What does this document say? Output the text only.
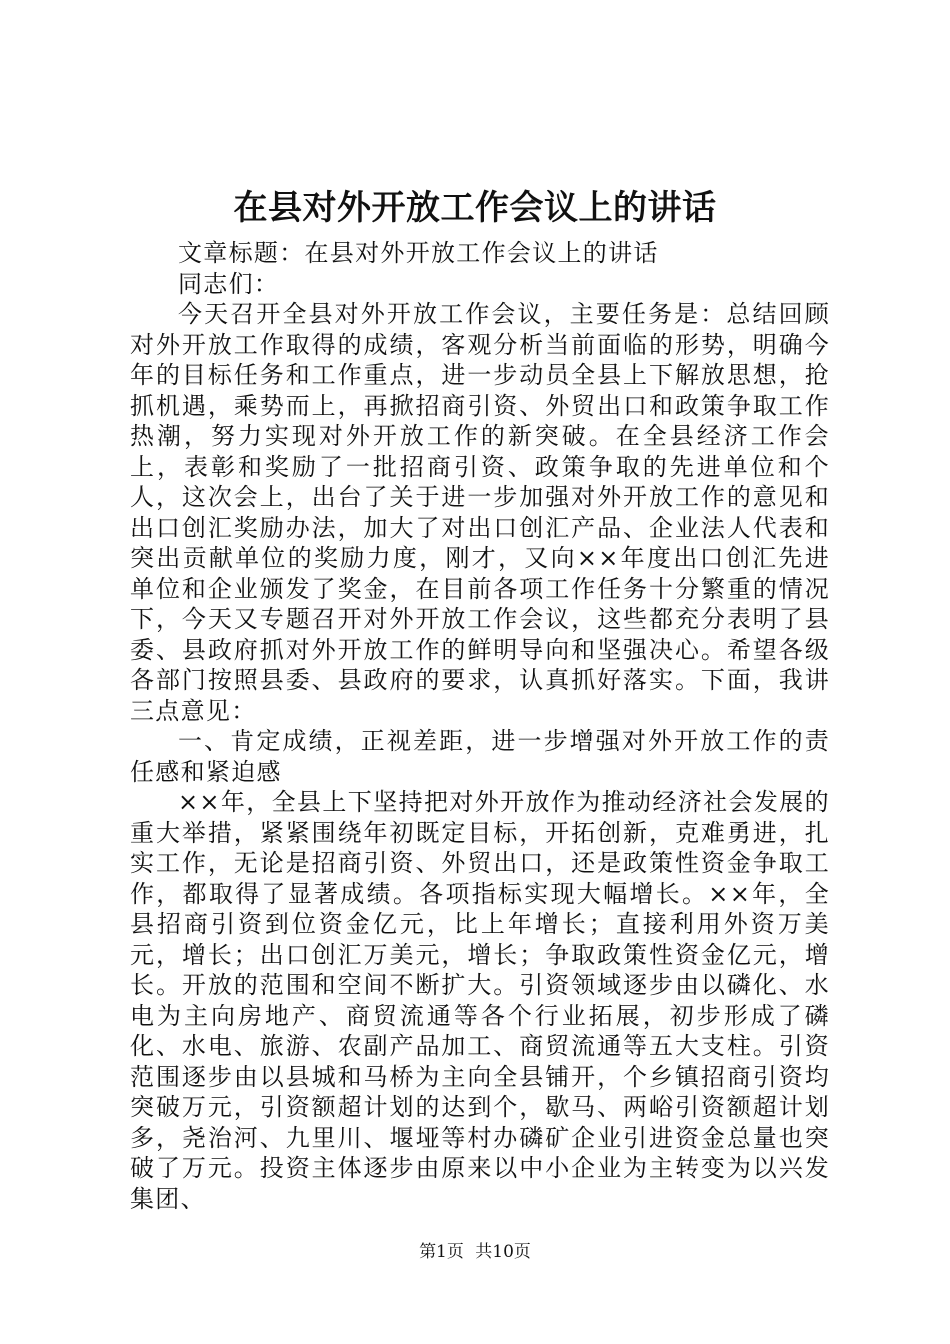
在县对外开放工作会议上的讲话

文章标题：在县对外开放工作会议上的讲话

同志们：

今天召开全县对外开放工作会议，主要任务是：总结回顾对外开放工作取得的成绩，客观分析当前面临的形势，明确今年的目标任务和工作重点，进一步动员全县上下解放思想，抢抓机遇，乘势而上，再掀招商引资、外贸出口和政策争取工作热潮，努力实现对外开放工作的新突破。在全县经济工作会上，表彰和奖励了一批招商引资、政策争取的先进单位和个人，这次会上，出台了关于进一步加强对外开放工作的意见和出口创汇奖励办法，加大了对出口创汇产品、企业法人代表和突出贡献单位的奖励力度，刚才，又向××年度出口创汇先进单位和企业颁发了奖金，在目前各项工作任务十分繁重的情况下，今天又专题召开对外开放工作会议，这些都充分表明了县委、县政府抓对外开放工作的鲜明导向和坚强决心。希望各级各部门按照县委、县政府的要求，认真抓好落实。下面，我讲三点意见：

一、肯定成绩，正视差距，进一步增强对外开放工作的责任感和紧迫感

××年，全县上下坚持把对外开放作为推动经济社会发展的重大举措，紧紧围绕年初既定目标，开拓创新，克难勇进，扎实工作，无论是招商引资、外贸出口，还是政策性资金争取工作，都取得了显著成绩。各项指标实现大幅增长。××年，全县招商引资到位资金亿元，比上年增长；直接利用外资万美元，增长；出口创汇万美元，增长；争取政策性资金亿元，增长。开放的范围和空间不断扩大。引资领域逐步由以磷化、水电为主向房地产、商贸流通等各个行业拓展，初步形成了磷化、水电、旅游、农副产品加工、商贸流通等五大支柱。引资范围逐步由以县城和马桥为主向全县铺开，个乡镇招商引资均突破万元，引资额超计划的达到个，歇马、两峪引资额超计划多，尧治河、九里川、堰垭等村办磷矿企业引进资金总量也突破了万元。投资主体逐步由原来以中小企业为主转变为以兴发集团、

第1页 共10页
